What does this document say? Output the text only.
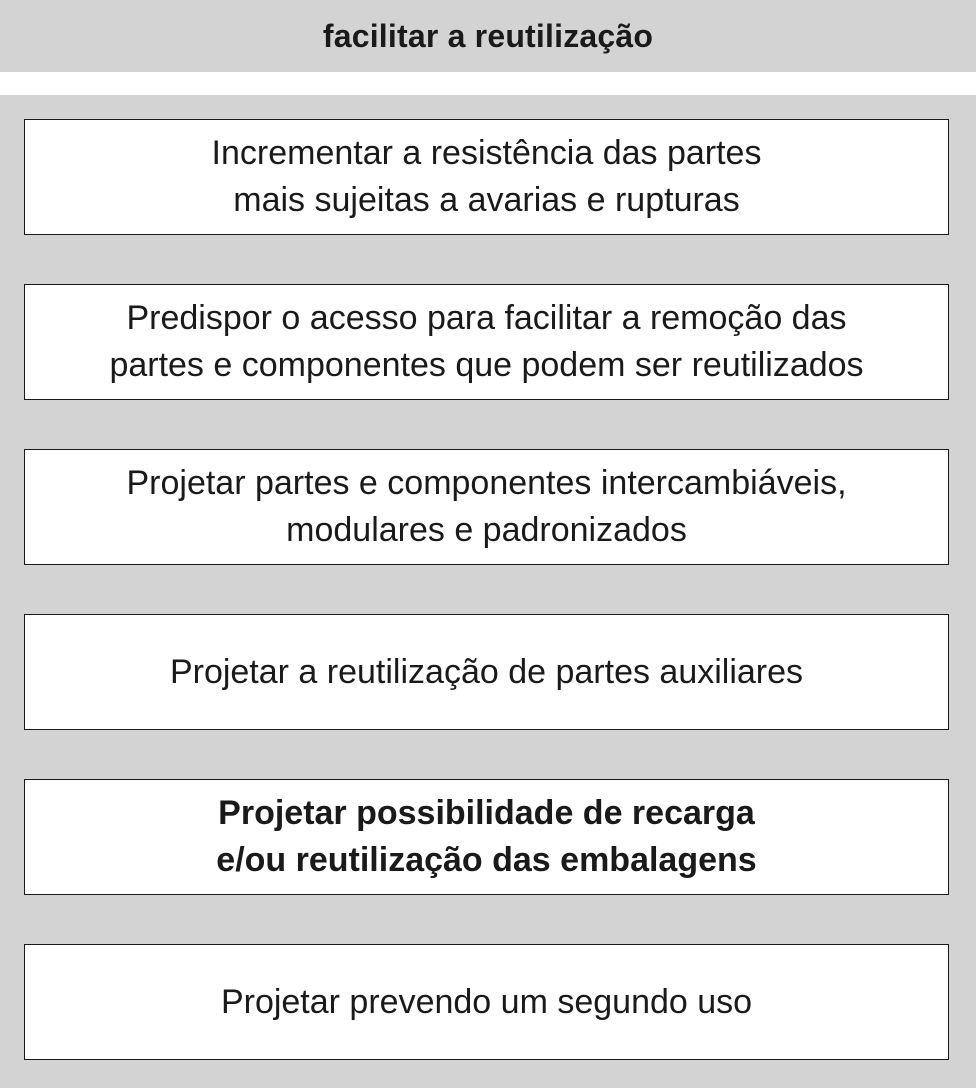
facilitar a reutilização
Incrementar a resistência das partes
mais sujeitas a avarias e rupturas
Predispor o acesso para facilitar a remoção das
partes e componentes que podem ser reutilizados
Projetar partes e componentes intercambiáveis,
modulares e padronizados
Projetar a reutilização de partes auxiliares
Projetar possibilidade de recarga
e/ou reutilização das embalagens
Projetar prevendo um segundo uso
